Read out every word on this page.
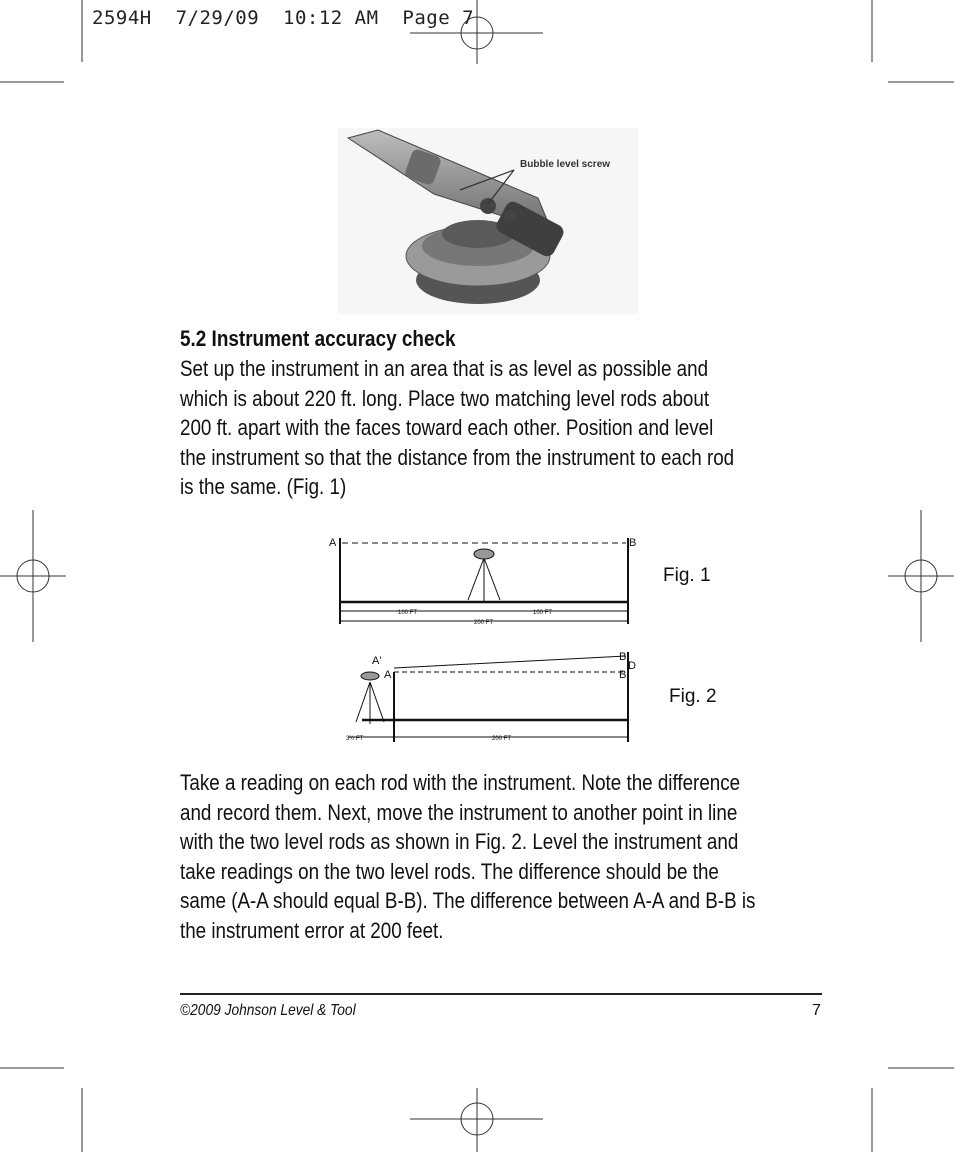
2594H  7/29/09  10:12 AM  Page 7
Bubble level screw
5.2 Instrument accuracy check
Set up the instrument in an area that is as level as possible and
which is about 220 ft. long. Place two matching level rods about
200 ft. apart with the faces toward each other. Position and level
the instrument so that the distance from the instrument to each rod
is the same. (Fig. 1)
A	B
100 FT	100 FT
200 FT
A'
A
B'
D
B
3½ FT	200 FT
Fig. 1
Fig. 2
Take a reading on each rod with the instrument. Note the difference
and record them. Next, move the instrument to another point in line
with the two level rods as shown in Fig. 2. Level the instrument and
take readings on the two level rods. The difference should be the
same (A-A should equal B-B). The difference between A-A and B-B is
the instrument error at 200 feet.
©2009 Johnson Level & Tool	7
